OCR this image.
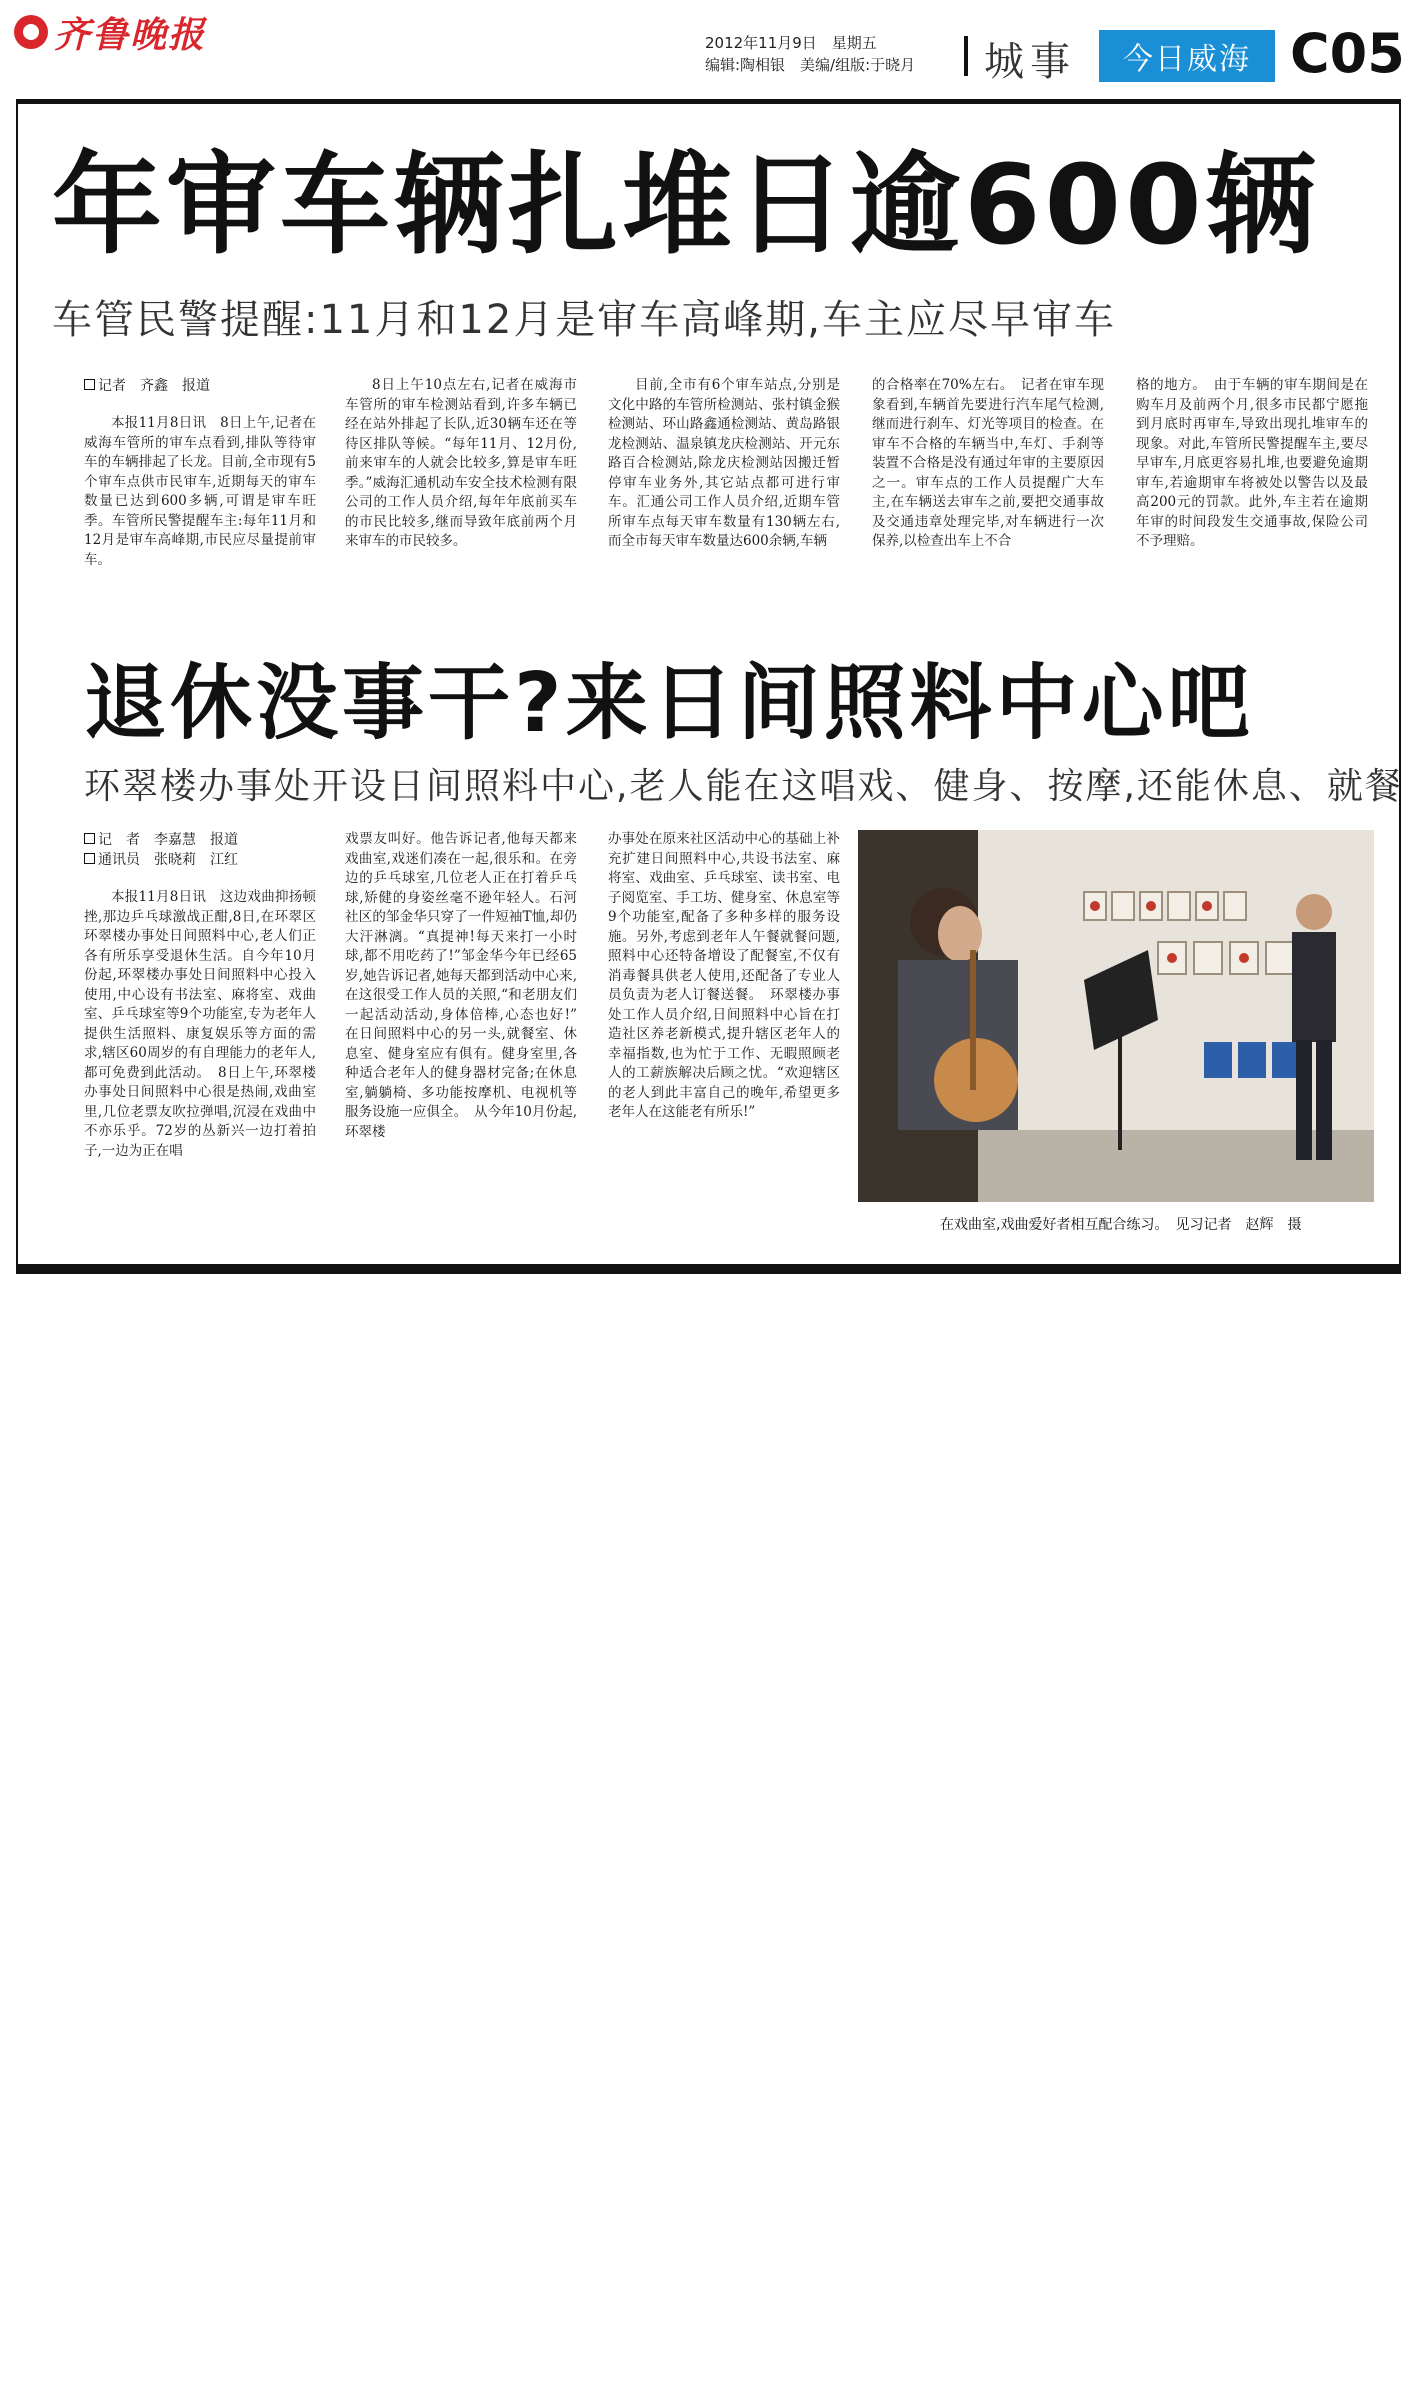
齐鲁晚报	2012年11月9日　星期五
编辑:陶相银　美编/组版:于晓月 城事	今日威海 C05
年审车辆扎堆日逾600辆
车管民警提醒:11月和12月是审车高峰期,车主应尽早审车
记者　齐鑫　报道

本报11月8日讯　8日上午,记者在威海车管所的审车点看到,排队等待审车的车辆排起了长龙。目前,全市现有5个审车点供市民审车,近期每天的审车数量已达到600多辆,可谓是审车旺季。车管所民警提醒车主:每年11月和12月是审车高峰期,市民应尽量提前审车。

8日上午10点左右,记者在威海市车管所的审车检测站看到,许多车辆已经在站外排起了长队,近30辆车还在等待区排队等候。“每年11月、12月份,前来审车的人就会比较多,算是审车旺季。”威海汇通机动车安全技术检测有限公司的工作人员介绍,每年年底前买车的市民比较多,继而导致年底前两个月来审车的市民较多。

目前,全市有6个审车站点,分别是文化中路的车管所检测站、张村镇金猴检测站、环山路鑫通检测站、黄岛路银龙检测站、温泉镇龙庆检测站、开元东路百合检测站,除龙庆检测站因搬迁暂停审车业务外,其它站点都可进行审车。汇通公司工作人员介绍,近期车管所审车点每天审车数量有130辆左右,而全市每天审车数量达600余辆,车辆

的合格率在70%左右。　记者在审车现象看到,车辆首先要进行汽车尾气检测,继而进行刹车、灯光等项目的检查。在审车不合格的车辆当中,车灯、手刹等装置不合格是没有通过年审的主要原因之一。审车点的工作人员提醒广大车主,在车辆送去审车之前,要把交通事故及交通违章处理完毕,对车辆进行一次保养,以检查出车上不合

格的地方。　由于车辆的审车期间是在购车月及前两个月,很多市民都宁愿拖到月底时再审车,导致出现扎堆审车的现象。对此,车管所民警提醒车主,要尽早审车,月底更容易扎堆,也要避免逾期审车,若逾期审车将被处以警告以及最高200元的罚款。此外,车主若在逾期年审的时间段发生交通事故,保险公司不予理赔。

退休没事干?来日间照料中心吧
环翠楼办事处开设日间照料中心,老人能在这唱戏、健身、按摩,还能休息、就餐
记　者　李嘉慧　报道
通讯员　张晓莉　江红

本报11月8日讯　这边戏曲抑扬顿挫,那边乒乓球激战正酣,8日,在环翠区环翠楼办事处日间照料中心,老人们正各有所乐享受退休生活。自今年10月份起,环翠楼办事处日间照料中心投入使用,中心设有书法室、麻将室、戏曲室、乒乓球室等9个功能室,专为老年人提供生活照料、康复娱乐等方面的需求,辖区60周岁的有自理能力的老年人,都可免费到此活动。　8日上午,环翠楼办事处日间照料中心很是热闹,戏曲室里,几位老票友吹拉弹唱,沉浸在戏曲中不亦乐乎。72岁的丛新兴一边打着拍子,一边为正在唱

戏票友叫好。他告诉记者,他每天都来戏曲室,戏迷们凑在一起,很乐和。在旁边的乒乓球室,几位老人正在打着乒乓球,矫健的身姿丝毫不逊年轻人。石河社区的邹金华只穿了一件短袖T恤,却仍大汗淋漓。“真提神!每天来打一小时球,都不用吃药了!”邹金华今年已经65岁,她告诉记者,她每天都到活动中心来,在这很受工作人员的关照,“和老朋友们一起活动活动,身体倍棒,心态也好!”　在日间照料中心的另一头,就餐室、休息室、健身室应有俱有。健身室里,各种适合老年人的健身器材完备;在休息室,躺躺椅、多功能按摩机、电视机等服务设施一应俱全。　从今年10月份起,环翠楼

办事处在原来社区活动中心的基础上补充扩建日间照料中心,共设书法室、麻将室、戏曲室、乒乓球室、读书室、电子阅览室、手工坊、健身室、休息室等9个功能室,配备了多种多样的服务设施。另外,考虑到老年人午餐就餐问题,照料中心还特备增设了配餐室,不仅有消毒餐具供老人使用,还配备了专业人员负责为老人订餐送餐。　环翠楼办事处工作人员介绍,日间照料中心旨在打造社区养老新模式,提升辖区老年人的幸福指数,也为忙于工作、无暇照顾老人的工薪族解决后顾之忧。“欢迎辖区的老人到此丰富自己的晚年,希望更多老年人在这能老有所乐!”

在戏曲室,戏曲爱好者相互配合练习。　见习记者　赵辉　摄
